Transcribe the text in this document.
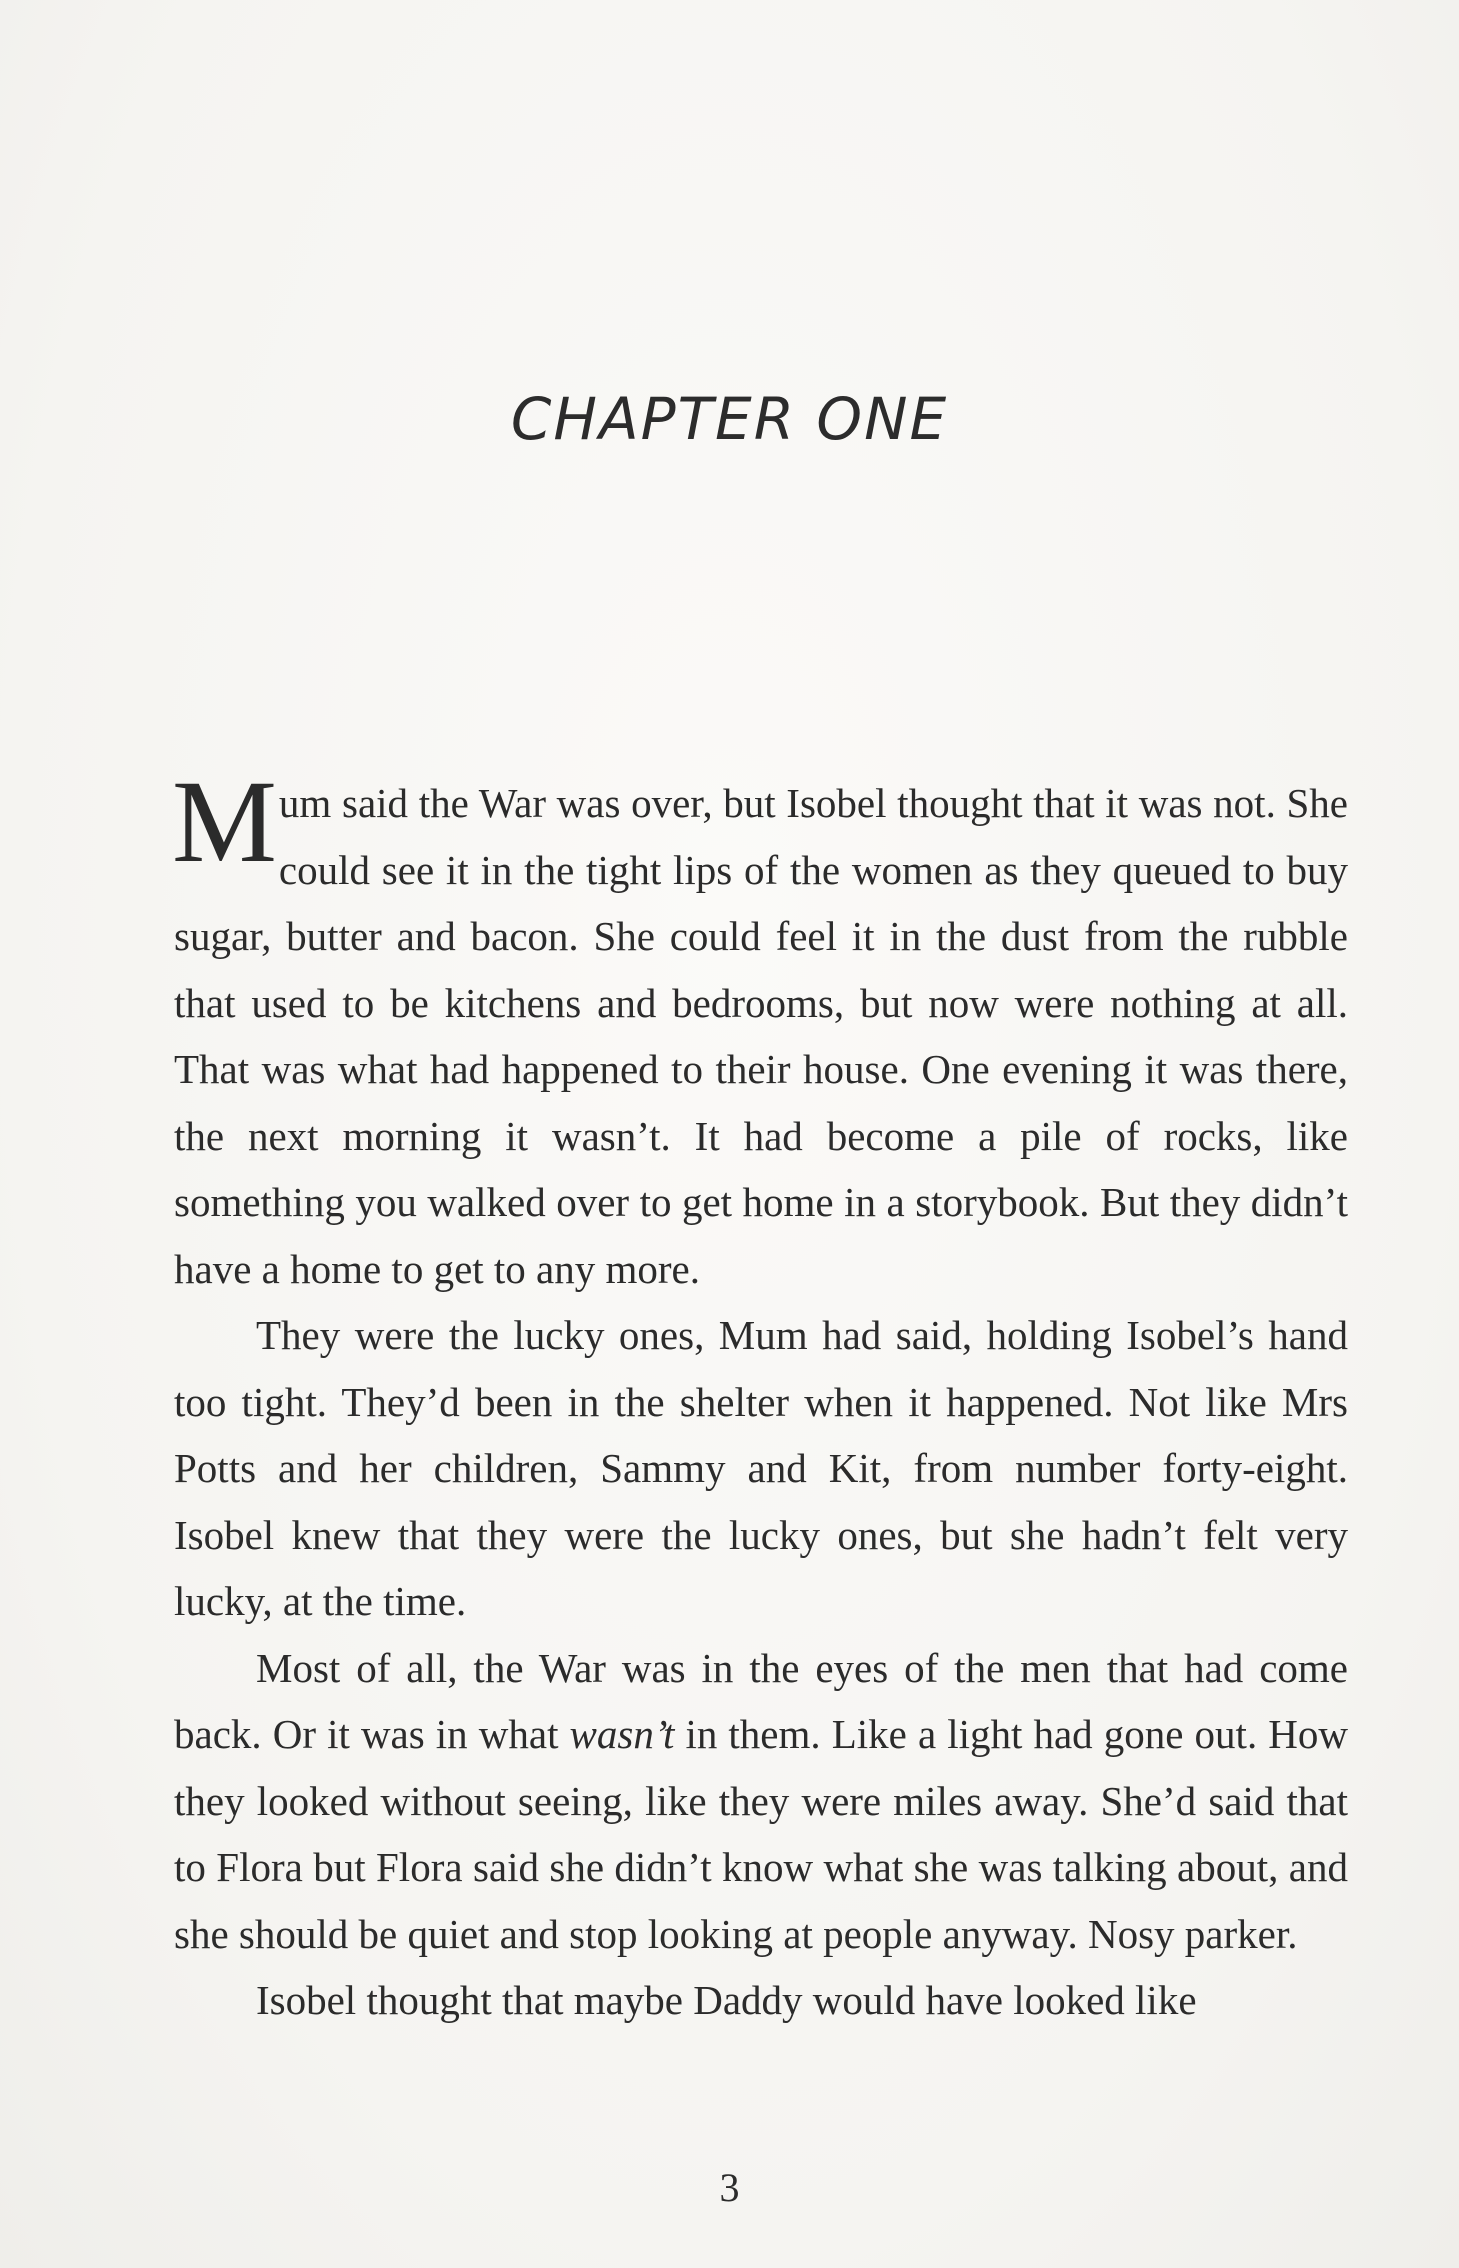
CHAPTER ONE

Mum said the War was over, but Isobel thought that it was not. She could see it in the tight lips of the women as they queued to buy sugar, butter and bacon. She could feel it in the dust from the rubble that used to be kitchens and bedrooms, but now were nothing at all. That was what had happened to their house. One evening it was there, the next morning it wasn’t. It had become a pile of rocks, like something you walked over to get home in a storybook. But they didn’t have a home to get to any more.

They were the lucky ones, Mum had said, holding Isobel’s hand too tight. They’d been in the shelter when it happened. Not like Mrs Potts and her children, Sammy and Kit, from number forty-eight. Isobel knew that they were the lucky ones, but she hadn’t felt very lucky, at the time.

Most of all, the War was in the eyes of the men that had come back. Or it was in what wasn’t in them. Like a light had gone out. How they looked without seeing, like they were miles away. She’d said that to Flora but Flora said she didn’t know what she was talking about, and she should be quiet and stop looking at people anyway. Nosy parker.

Isobel thought that maybe Daddy would have looked like

3
